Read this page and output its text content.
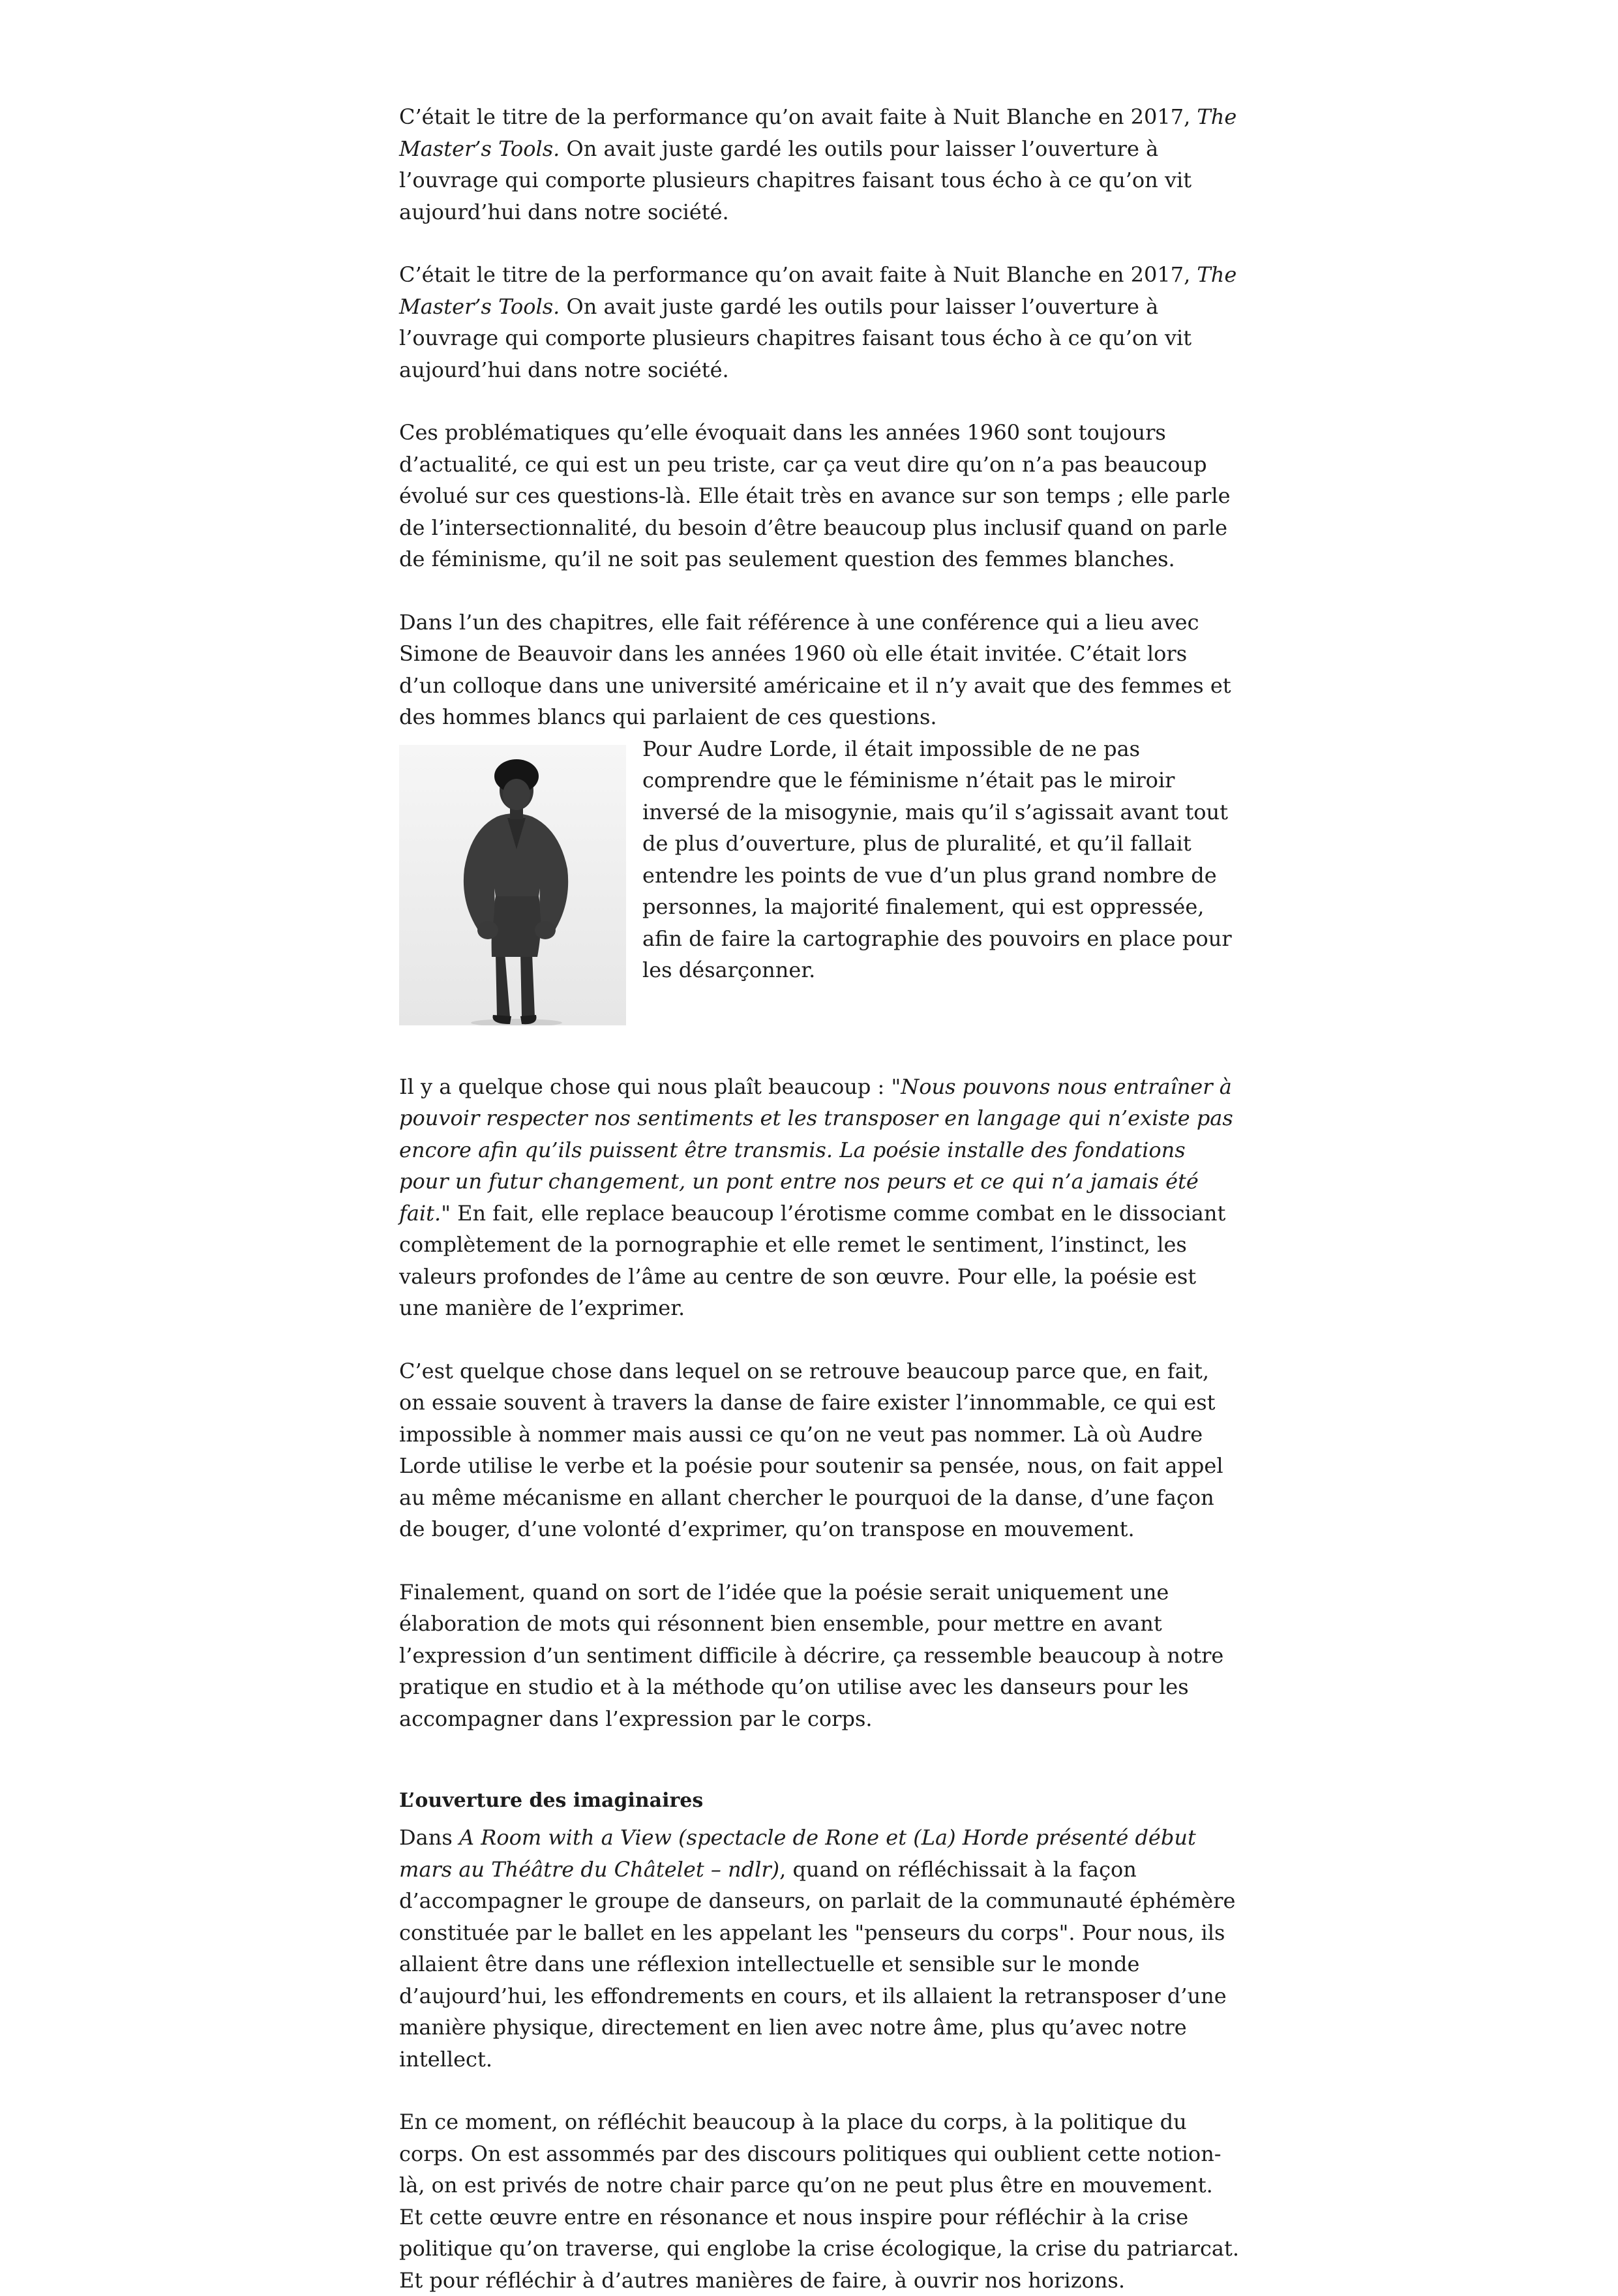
C’était le titre de la performance qu’on avait faite à Nuit Blanche en 2017, The Master’s Tools. On avait juste gardé les outils pour laisser l’ouverture à l’ouvrage qui comporte plusieurs chapitres faisant tous écho à ce qu’on vit aujourd’hui dans notre société.

C’était le titre de la performance qu’on avait faite à Nuit Blanche en 2017, The Master’s Tools. On avait juste gardé les outils pour laisser l’ouverture à l’ouvrage qui comporte plusieurs chapitres faisant tous écho à ce qu’on vit aujourd’hui dans notre société.

Ces problématiques qu’elle évoquait dans les années 1960 sont toujours d’actualité, ce qui est un peu triste, car ça veut dire qu’on n’a pas beaucoup évolué sur ces questions-là. Elle était très en avance sur son temps ; elle parle de l’intersectionnalité, du besoin d’être beaucoup plus inclusif quand on parle de féminisme, qu’il ne soit pas seulement question des femmes blanches.

Dans l’un des chapitres, elle fait référence à une conférence qui a lieu avec Simone de Beauvoir dans les années 1960 où elle était invitée. C’était lors d’un colloque dans une université américaine et il n’y avait que des femmes et des hommes blancs qui parlaient de ces questions.

Pour Audre Lorde, il était impossible de ne pas comprendre que le féminisme n’était pas le miroir inversé de la misogynie, mais qu’il s’agissait avant tout de plus d’ouverture, plus de pluralité, et qu’il fallait entendre les points de vue d’un plus grand nombre de personnes, la majorité finalement, qui est oppressée, afin de faire la cartographie des pouvoirs en place pour les désarçonner.

Il y a quelque chose qui nous plaît beaucoup : "Nous pouvons nous entraîner à pouvoir respecter nos sentiments et les transposer en langage qui n’existe pas encore afin qu’ils puissent être transmis. La poésie installe des fondations pour un futur changement, un pont entre nos peurs et ce qui n’a jamais été fait." En fait, elle replace beaucoup l’érotisme comme combat en le dissociant complètement de la pornographie et elle remet le sentiment, l’instinct, les valeurs profondes de l’âme au centre de son œuvre. Pour elle, la poésie est une manière de l’exprimer.

C’est quelque chose dans lequel on se retrouve beaucoup parce que, en fait, on essaie souvent à travers la danse de faire exister l’innommable, ce qui est impossible à nommer mais aussi ce qu’on ne veut pas nommer. Là où Audre Lorde utilise le verbe et la poésie pour soutenir sa pensée, nous, on fait appel au même mécanisme en allant chercher le pourquoi de la danse, d’une façon de bouger, d’une volonté d’exprimer, qu’on transpose en mouvement.

Finalement, quand on sort de l’idée que la poésie serait uniquement une élaboration de mots qui résonnent bien ensemble, pour mettre en avant l’expression d’un sentiment difficile à décrire, ça ressemble beaucoup à notre pratique en studio et à la méthode qu’on utilise avec les danseurs pour les accompagner dans l’expression par le corps.

L’ouverture des imaginaires

Dans A Room with a View (spectacle de Rone et (La) Horde présenté début mars au Théâtre du Châtelet – ndlr), quand on réfléchissait à la façon d’accompagner le groupe de danseurs, on parlait de la communauté éphémère constituée par le ballet en les appelant les "penseurs du corps". Pour nous, ils allaient être dans une réflexion intellectuelle et sensible sur le monde d’aujourd’hui, les effondrements en cours, et ils allaient la retransposer d’une manière physique, directement en lien avec notre âme, plus qu’avec notre intellect.

En ce moment, on réfléchit beaucoup à la place du corps, à la politique du corps. On est assommés par des discours politiques qui oublient cette notion-là, on est privés de notre chair parce qu’on ne peut plus être en mouvement. Et cette œuvre entre en résonance et nous inspire pour réfléchir à la crise politique qu’on traverse, qui englobe la crise écologique, la crise du patriarcat. Et pour réfléchir à d’autres manières de faire, à ouvrir nos horizons.
